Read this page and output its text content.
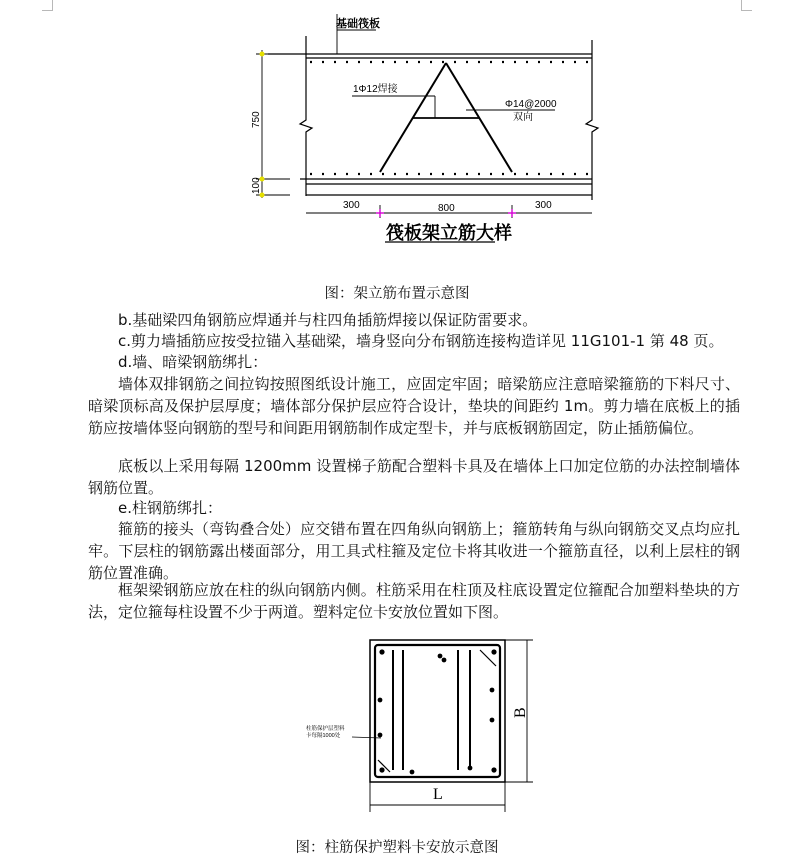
基础筏板
1Φ12焊接
Φ14@2000
双向
750
100
300	800	300
筏板架立筋大样
图：架立筋布置示意图
b.基础梁四角钢筋应焊通并与柱四角插筋焊接以保证防雷要求。
c.剪力墙插筋应按受拉锚入基础梁，墙身竖向分布钢筋连接构造详见 11G101-1 第 48 页。
d.墙、暗梁钢筋绑扎：
墙体双排钢筋之间拉钩按照图纸设计施工，应固定牢固；暗梁筋应注意暗梁箍筋的下料尺寸、暗梁顶标高及保护层厚度；墙体部分保护层应符合设计，垫块的间距约 1m。剪力墙在底板上的插筋应按墙体竖向钢筋的型号和间距用钢筋制作成定型卡，并与底板钢筋固定，防止插筋偏位。
底板以上采用每隔 1200mm 设置梯子筋配合塑料卡具及在墙体上口加定位筋的办法控制墙体钢筋位置。
e.柱钢筋绑扎：
箍筋的接头（弯钩叠合处）应交错布置在四角纵向钢筋上；箍筋转角与纵向钢筋交叉点均应扎牢。下层柱的钢筋露出楼面部分，用工具式柱箍及定位卡将其收进一个箍筋直径，以利上层柱的钢筋位置准确。
框架梁钢筋应放在柱的纵向钢筋内侧。柱筋采用在柱顶及柱底设置定位箍配合加塑料垫块的方法，定位箍每柱设置不少于两道。塑料定位卡安放位置如下图。
柱筋保护层塑料
卡每隔1000处
B
L
图：柱筋保护塑料卡安放示意图
